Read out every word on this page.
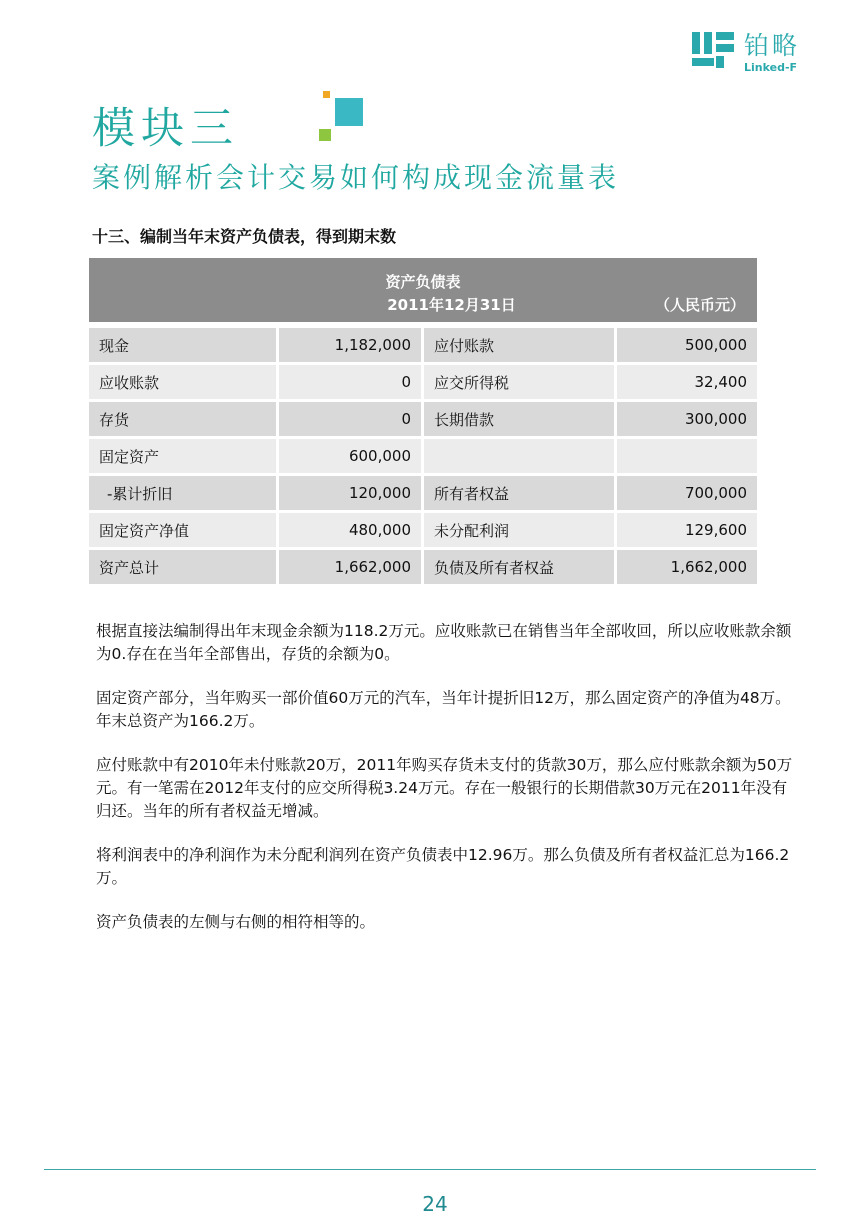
铂略
Linked-F
模块三
案例解析会计交易如何构成现金流量表
十三、编制当年末资产负债表，得到期末数
资产负债表
2011年12月31日	（人民币元）
现金	1,182,000	应付账款	500,000
应收账款	0	应交所得税	32,400
存货	0	长期借款	300,000
固定资产	600,000		
-累计折旧	120,000	所有者权益	700,000
固定资产净值	480,000	未分配利润	129,600
资产总计	1,662,000	负债及所有者权益	1,662,000

根据直接法编制得出年末现金余额为118.2万元。应收账款已在销售当年全部收回，所以应收账款余额为0.存在在当年全部售出，存货的余额为0。

固定资产部分，当年购买一部价值60万元的汽车，当年计提折旧12万，那么固定资产的净值为48万。年末总资产为166.2万。

应付账款中有2010年未付账款20万，2011年购买存货未支付的货款30万，那么应付账款余额为50万元。有一笔需在2012年支付的应交所得税3.24万元。存在一般银行的长期借款30万元在2011年没有归还。当年的所有者权益无增减。

将利润表中的净利润作为未分配利润列在资产负债表中12.96万。那么负债及所有者权益汇总为166.2万。

资产负债表的左侧与右侧的相符相等的。

24
